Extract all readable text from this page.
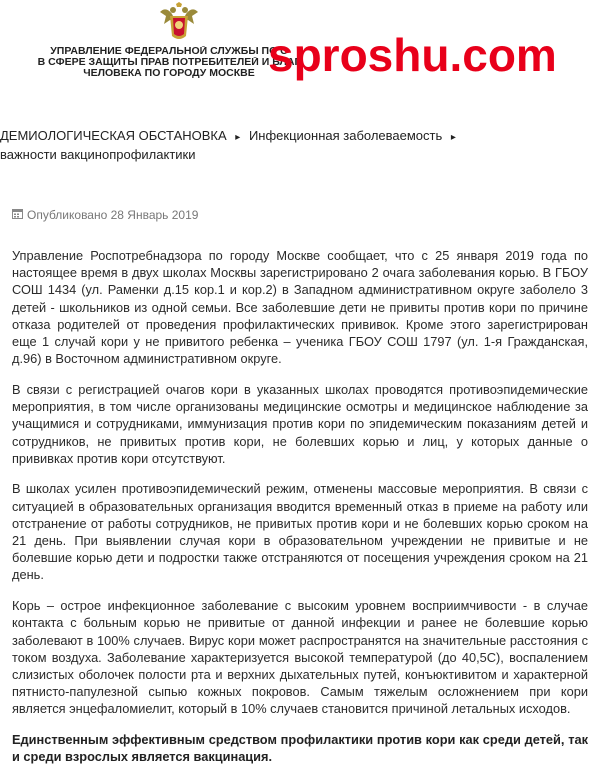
УПРАВЛЕНИЕ ФЕДЕРАЛЬНОЙ СЛУЖБЫ ПО С
В СФЕРЕ ЗАЩИТЫ ПРАВ ПОТРЕБИТЕЛЕЙ И БЛАГ
ЧЕЛОВЕКА ПО ГОРОДУ МОСКВЕ sproshu.com
ДЕМИОЛОГИЧЕСКАЯ ОБСТАНОВКА ▸ Инфекционная заболеваемость ▸
важности вакцинопрофилактики
Опубликовано 28 Январь 2019

Управление Роспотребнадзора по городу Москве сообщает, что с 25 января 2019 года по настоящее время в двух школах Москвы зарегистрировано 2 очага заболевания корью. В ГБОУ СОШ 1434 (ул. Раменки д.15 кор.1 и кор.2) в Западном административном округе заболело 3 детей - школьников из одной семьи. Все заболевшие дети не привиты против кори по причине отказа родителей от проведения профилактических прививок. Кроме этого зарегистрирован еще 1 случай кори у не привитого ребенка – ученика ГБОУ СОШ 1797 (ул. 1-я Гражданская, д.96) в Восточном административном округе.

В связи с регистрацией очагов кори в указанных школах проводятся противоэпидемические мероприятия, в том числе организованы медицинские осмотры и медицинское наблюдение за учащимися и сотрудниками, иммунизация против кори по эпидемическим показаниям детей и сотрудников, не привитых против кори, не болевших корью и лиц, у которых данные о прививках против кори отсутствуют.

В школах усилен противоэпидемический режим, отменены массовые мероприятия. В связи с ситуацией в образовательных организация вводится временный отказ в приеме на работу или отстранение от работы сотрудников, не привитых против кори и не болевших корью сроком на 21 день. При выявлении случая кори в образовательном учреждении не привитые и не болевшие корью дети и подростки также отстраняются от посещения учреждения сроком на 21 день.

Корь – острое инфекционное заболевание с высоким уровнем восприимчивости - в случае контакта с больным корью не привитые от данной инфекции и ранее не болевшие корью заболевают в 100% случаев. Вирус кори может распространятся на значительные расстояния с током воздуха. Заболевание характеризуется высокой температурой (до 40,5С), воспалением слизистых оболочек полости рта и верхних дыхательных путей, конъюктивитом и характерной пятнисто-папулезной сыпью кожных покровов. Самым тяжелым осложнением при кори является энцефаломиелит, который в 10% случаев становится причиной летальных исходов.

Единственным эффективным средством профилактики против кори как среди детей, так и среди взрослых является вакцинация.
